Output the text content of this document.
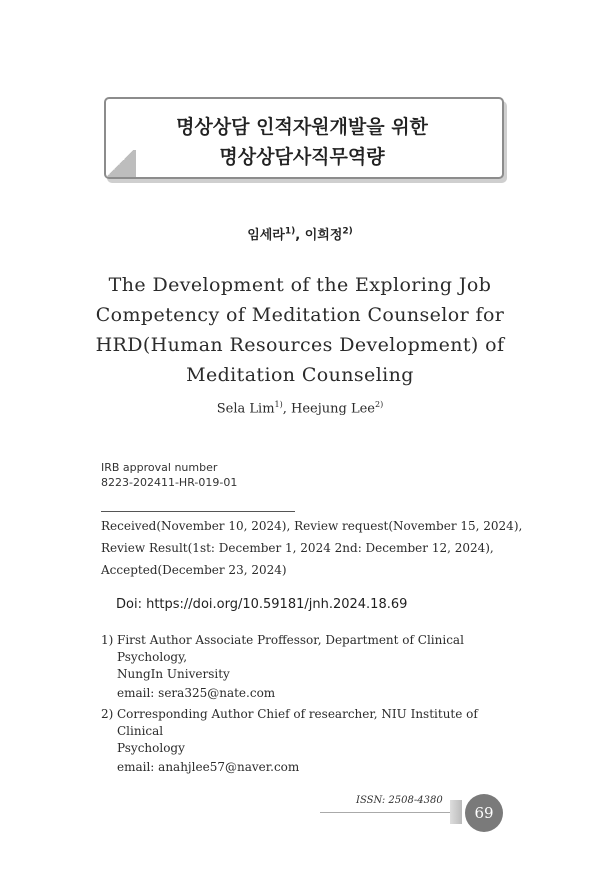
명상상담 인적자원개발을 위한
명상상담사직무역량
임세라$^{1)}$, 이희정$^{2)}$
The Development of the Exploring Job
Competency of Meditation Counselor for
HRD(Human Resources Development) of
Meditation Counseling
Sela Lim$^{1)}$, Heejung Lee$^{2)}$
IRB approval number
8223-202411-HR-019-01
Received(November 10, 2024), Review request(November 15, 2024),
Review Result(1st: December 1, 2024 2nd: December 12, 2024),
Accepted(December 23, 2024)
Doi: https://doi.org/10.59181/jnh.2024.18.69
1) First Author Associate Proffessor, Department of Clinical Psychology,
NungIn University
email: sera325@nate.com
2) Corresponding Author Chief of researcher, NIU Institute of Clinical
Psychology
email: anahjlee57@naver.com
ISSN: 2508-4380
69
